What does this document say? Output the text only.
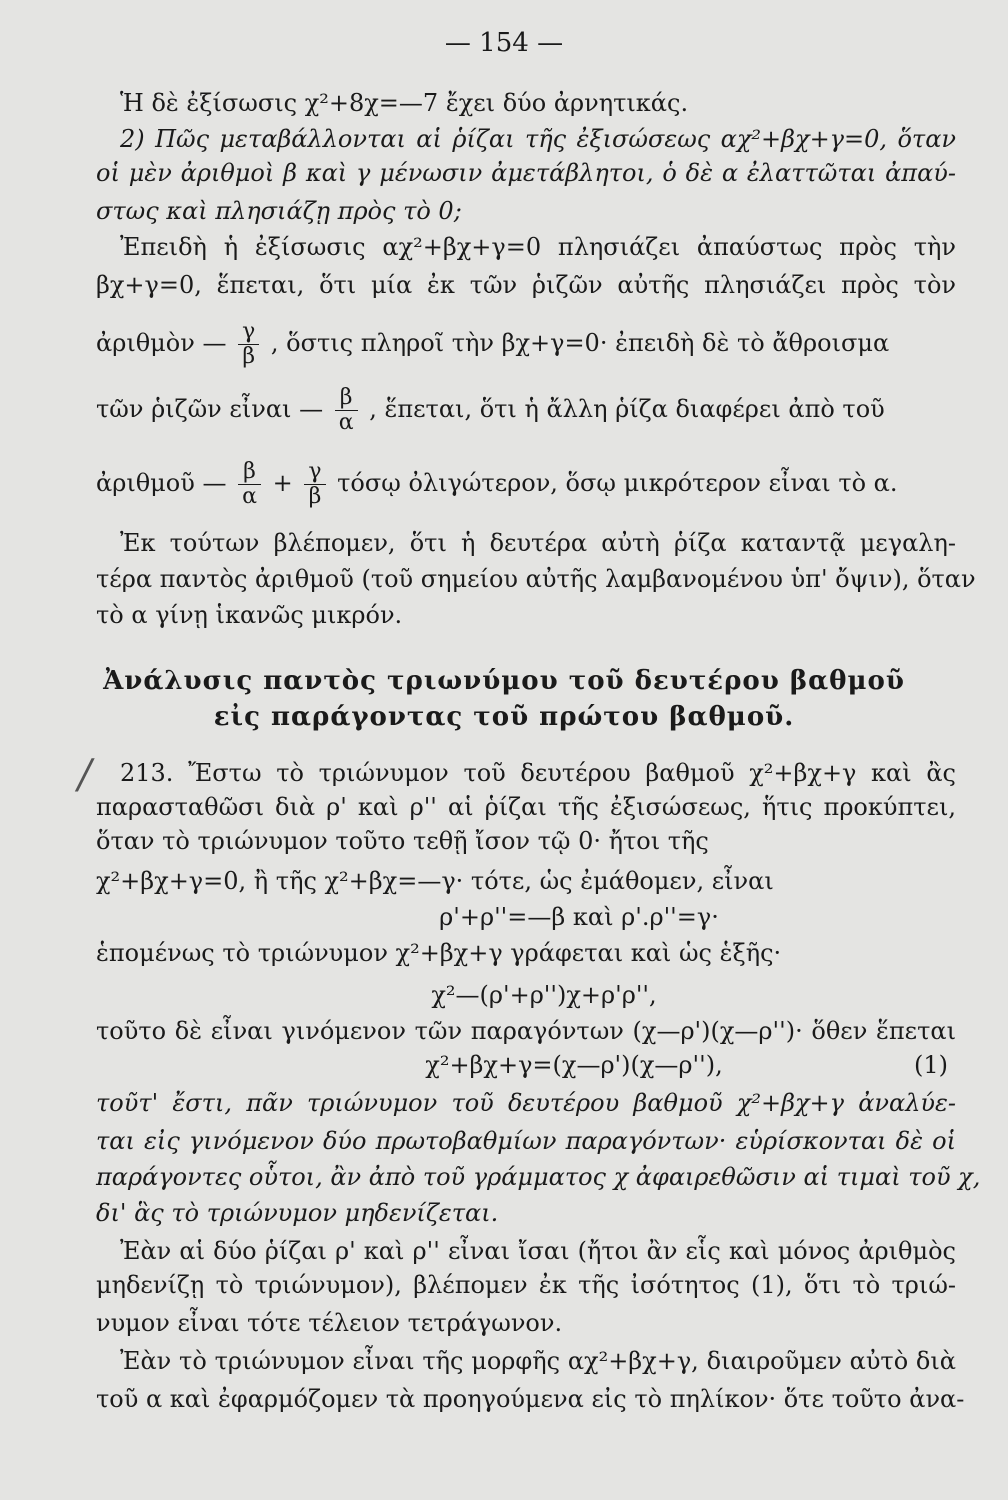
— 154 —
Ἡ δὲ ἐξίσωσις χ²+8χ=—7 ἔχει δύο ἀρνητικάς.
2) Πῶς μεταβάλλονται αἱ ῥίζαι τῆς ἐξισώσεως αχ²+βχ+γ=0, ὅταν
οἱ μὲν ἀριθμοὶ β καὶ γ μένωσιν ἀμετάβλητοι, ὁ δὲ α ἐλαττῶται ἀπαύ-
στως καὶ πλησιάζῃ πρὸς τὸ 0;
Ἐπειδὴ ἡ ἐξίσωσις αχ²+βχ+γ=0 πλησιάζει ἀπαύστως πρὸς τὴν
βχ+γ=0, ἕπεται, ὅτι μία ἐκ τῶν ῥιζῶν αὐτῆς πλησιάζει πρὸς τὸν
ἀριθμὸν — $\frac{\gamma}{\beta}$ , ὅστις πληροῖ τὴν βχ+γ=0· ἐπειδὴ δὲ τὸ ἄθροισμα
τῶν ῥιζῶν εἶναι — $\frac{\beta}{\alpha}$ , ἕπεται, ὅτι ἡ ἄλλη ῥίζα διαφέρει ἀπὸ τοῦ
ἀριθμοῦ — $\frac{\beta}{\alpha} + \frac{\gamma}{\beta}$ τόσῳ ὀλιγώτερον, ὅσῳ μικρότερον εἶναι τὸ α.
Ἐκ τούτων βλέπομεν, ὅτι ἡ δευτέρα αὐτὴ ῥίζα καταντᾷ μεγαλη-
τέρα παντὸς ἀριθμοῦ (τοῦ σημείου αὐτῆς λαμβανομένου ὑπ' ὄψιν), ὅταν
τὸ α γίνῃ ἱκανῶς μικρόν.
Ἀνάλυσις παντὸς τριωνύμου τοῦ δευτέρου βαθμοῦ
εἰς παράγοντας τοῦ πρώτου βαθμοῦ.
/	213. Ἔστω τὸ τριώνυμον τοῦ δευτέρου βαθμοῦ χ²+βχ+γ καὶ ἂς
παρασταθῶσι διὰ ρ' καὶ ρ'' αἱ ῥίζαι τῆς ἐξισώσεως, ἥτις προκύπτει,
ὅταν τὸ τριώνυμον τοῦτο τεθῇ ἴσον τῷ 0· ἤτοι τῆς
χ²+βχ+γ=0, ἢ τῆς χ²+βχ=—γ· τότε, ὡς ἐμάθομεν, εἶναι
ρ'+ρ''=—β καὶ ρ'.ρ''=γ·
ἑπομένως τὸ τριώνυμον χ²+βχ+γ γράφεται καὶ ὡς ἑξῆς·
χ²—(ρ'+ρ'')χ+ρ'ρ'',
τοῦτο δὲ εἶναι γινόμενον τῶν παραγόντων (χ—ρ')(χ—ρ'')· ὅθεν ἕπεται
χ²+βχ+γ=(χ—ρ')(χ—ρ''),	(1)
τοῦτ' ἔστι, πᾶν τριώνυμον τοῦ δευτέρου βαθμοῦ χ²+βχ+γ ἀναλύε-
ται εἰς γινόμενον δύο πρωτοβαθμίων παραγόντων· εὑρίσκονται δὲ οἱ
παράγοντες οὗτοι, ἂν ἀπὸ τοῦ γράμματος χ ἀφαιρεθῶσιν αἱ τιμαὶ τοῦ χ,
δι' ἃς τὸ τριώνυμον μηδενίζεται.
Ἐὰν αἱ δύο ῥίζαι ρ' καὶ ρ'' εἶναι ἴσαι (ἤτοι ἂν εἷς καὶ μόνος ἀριθμὸς
μηδενίζῃ τὸ τριώνυμον), βλέπομεν ἐκ τῆς ἰσότητος (1), ὅτι τὸ τριώ-
νυμον εἶναι τότε τέλειον τετράγωνον.
Ἐὰν τὸ τριώνυμον εἶναι τῆς μορφῆς αχ²+βχ+γ, διαιροῦμεν αὐτὸ διὰ
τοῦ α καὶ ἐφαρμόζομεν τὰ προηγούμενα εἰς τὸ πηλίκον· ὅτε τοῦτο ἀνα-
